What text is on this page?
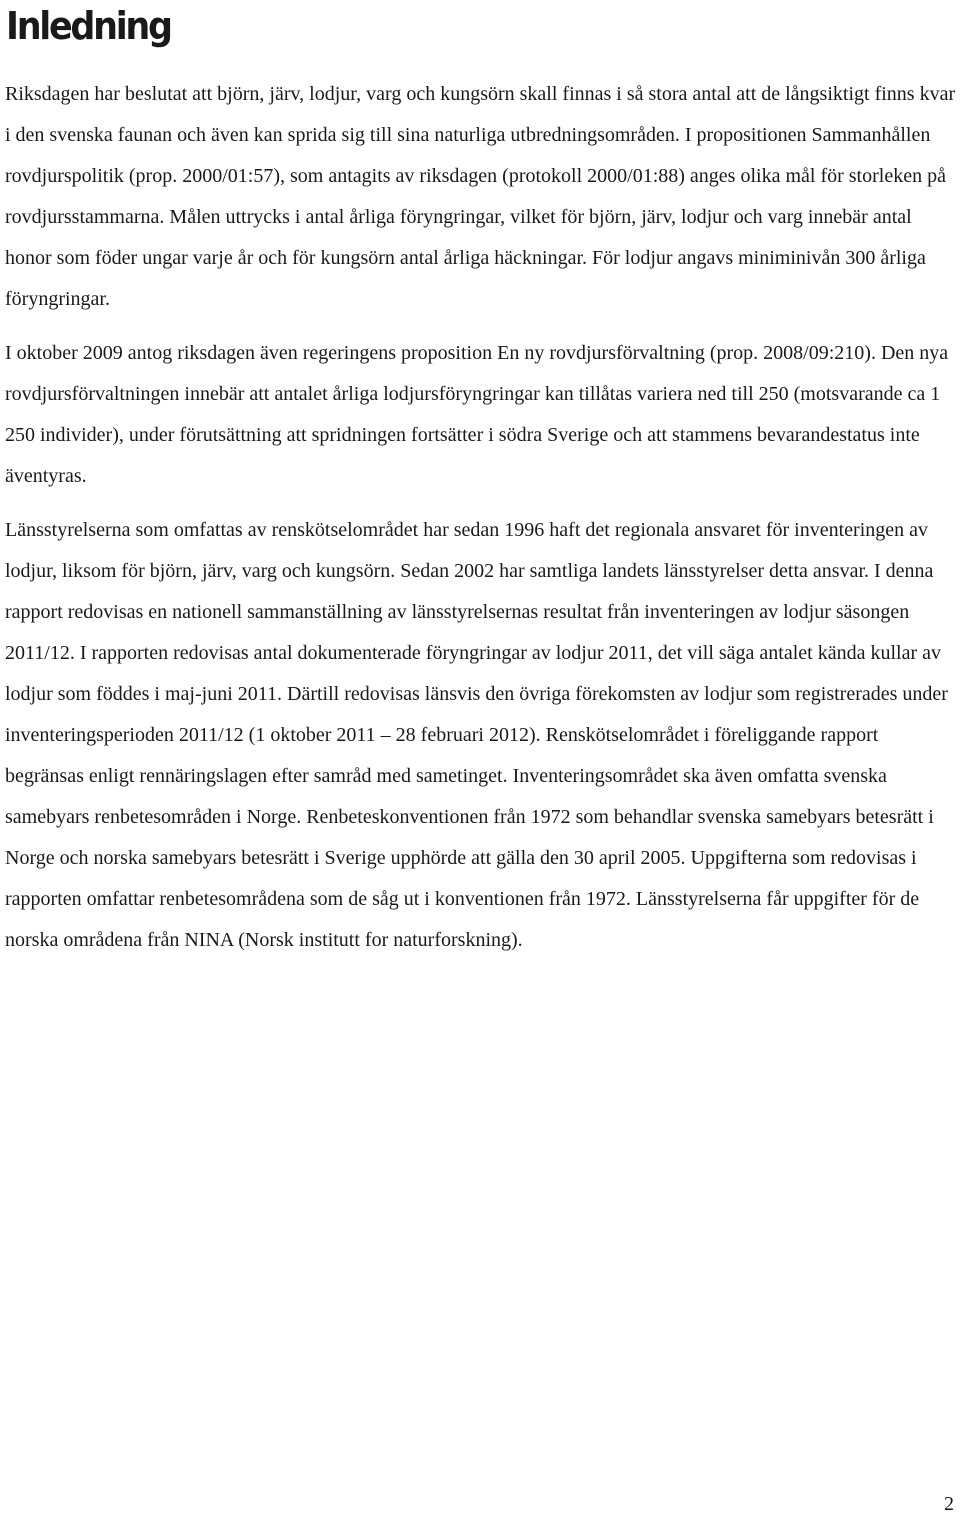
Inledning

Riksdagen har beslutat att björn, järv, lodjur, varg och kungsörn skall finnas i så stora antal att de långsiktigt finns kvar i den svenska faunan och även kan sprida sig till sina naturliga utbredningsområden. I propositionen Sammanhållen rovdjurspolitik (prop. 2000/01:57), som antagits av riksdagen (protokoll 2000/01:88) anges olika mål för storleken på rovdjursstammarna. Målen uttrycks i antal årliga föryngringar, vilket för björn, järv, lodjur och varg innebär antal honor som föder ungar varje år och för kungsörn antal årliga häckningar. För lodjur angavs miniminivån 300 årliga föryngringar.

I oktober 2009 antog riksdagen även regeringens proposition En ny rovdjursförvaltning (prop. 2008/09:210). Den nya rovdjursförvaltningen innebär att antalet årliga lodjursföryngringar kan tillåtas variera ned till 250 (motsvarande ca 1 250 individer), under förutsättning att spridningen fortsätter i södra Sverige och att stammens bevarandestatus inte äventyras.

Länsstyrelserna som omfattas av renskötselområdet har sedan 1996 haft det regionala ansvaret för inventeringen av lodjur, liksom för björn, järv, varg och kungsörn. Sedan 2002 har samtliga landets länsstyrelser detta ansvar. I denna rapport redovisas en nationell sammanställning av länsstyrelsernas resultat från inventeringen av lodjur säsongen 2011/12. I rapporten redovisas antal dokumenterade föryngringar av lodjur 2011, det vill säga antalet kända kullar av lodjur som föddes i maj-juni 2011. Därtill redovisas länsvis den övriga förekomsten av lodjur som registrerades under inventeringsperioden 2011/12 (1 oktober 2011 – 28 februari 2012). Renskötselområdet i föreliggande rapport begränsas enligt rennäringslagen efter samråd med sametinget. Inventeringsområdet ska även omfatta svenska samebyars renbetesområden i Norge. Renbeteskonventionen från 1972 som behandlar svenska samebyars betesrätt i Norge och norska samebyars betesrätt i Sverige upphörde att gälla den 30 april 2005. Uppgifterna som redovisas i rapporten omfattar renbetesområdena som de såg ut i konventionen från 1972. Länsstyrelserna får uppgifter för de norska områdena från NINA (Norsk institutt for naturforskning).

2
